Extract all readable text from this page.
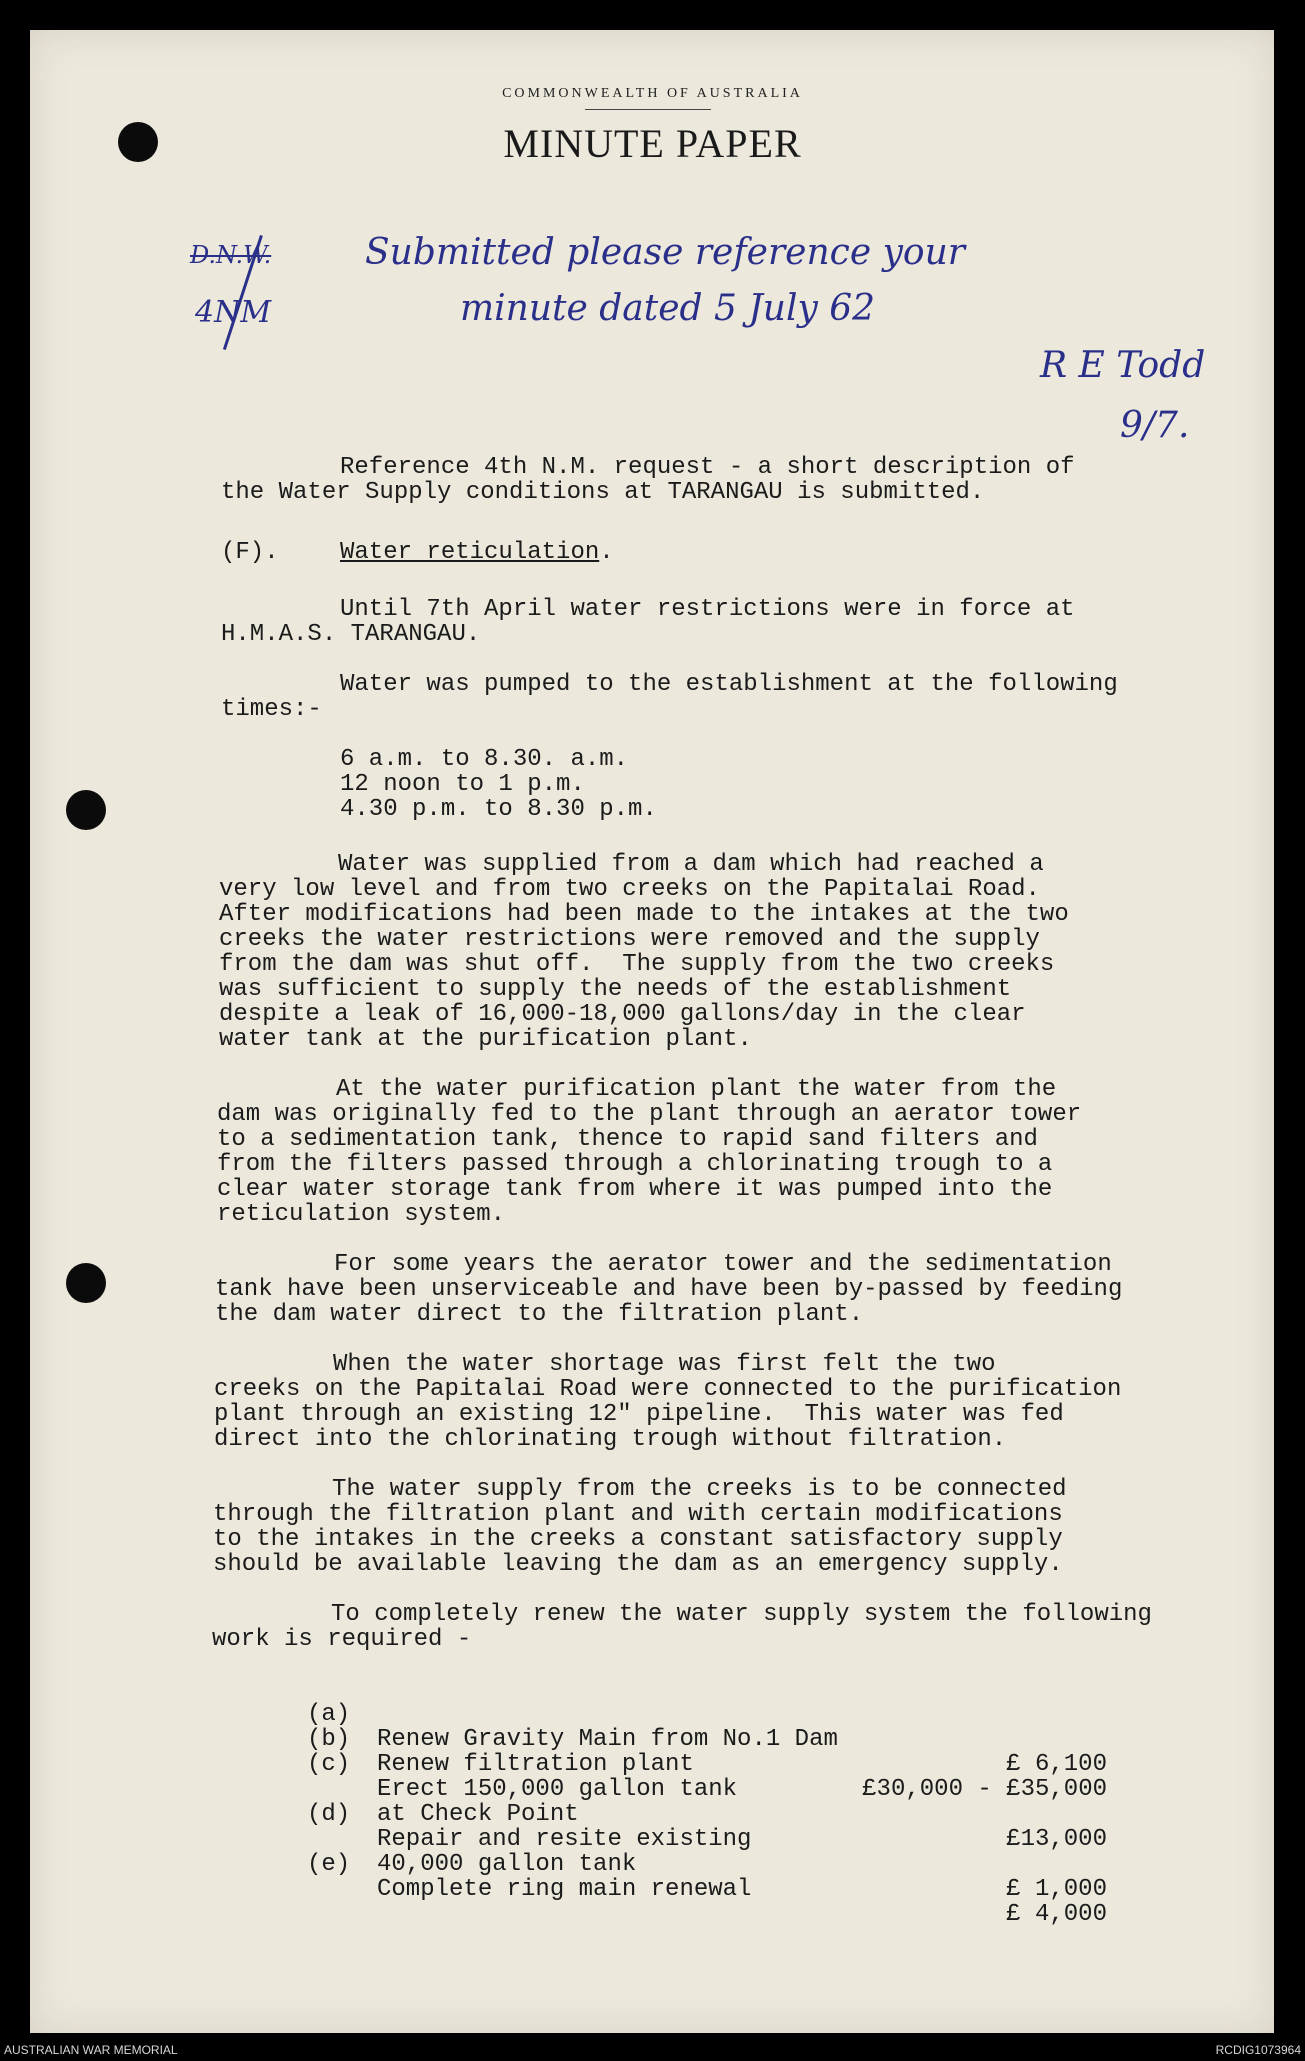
COMMONWEALTH OF AUSTRALIA
MINUTE PAPER
D.N.W.
4NM
Submitted please reference your
minute dated 5 July 62
R E Todd
9/7.
Reference 4th N.M. request - a short description of
the Water Supply conditions at TARANGAU is submitted.
(F).	Water reticulation.
Until 7th April water restrictions were in force at
H.M.A.S. TARANGAU.
Water was pumped to the establishment at the following
times:-
6 a.m. to 8.30. a.m.
12 noon to 1 p.m.
4.30 p.m. to 8.30 p.m.
Water was supplied from a dam which had reached a
very low level and from two creeks on the Papitalai Road.
After modifications had been made to the intakes at the two
creeks the water restrictions were removed and the supply
from the dam was shut off.  The supply from the two creeks
was sufficient to supply the needs of the establishment
despite a leak of 16,000-18,000 gallons/day in the clear
water tank at the purification plant.
At the water purification plant the water from the
dam was originally fed to the plant through an aerator tower
to a sedimentation tank, thence to rapid sand filters and
from the filters passed through a chlorinating trough to a
clear water storage tank from where it was pumped into the
reticulation system.
For some years the aerator tower and the sedimentation
tank have been unserviceable and have been by-passed by feeding
the dam water direct to the filtration plant.
When the water shortage was first felt the two
creeks on the Papitalai Road were connected to the purification
plant through an existing 12" pipeline.  This water was fed
direct into the chlorinating trough without filtration.
The water supply from the creeks is to be connected
through the filtration plant and with certain modifications
to the intakes in the creeks a constant satisfactory supply
should be available leaving the dam as an emergency supply.
To completely renew the water supply system the following
work is required -

(a)

Renew Gravity Main from No.1 Dam

£ 6,100

(b)

Renew filtration plant

£30,000 - £35,000

(c)

Erect 150,000 gallon tank

at Check Point

£13,000

(d)

Repair and resite existing

40,000 gallon tank

£ 1,000

(e)

Complete ring main renewal

£ 4,000

AUSTRALIAN WAR MEMORIAL	RCDIG1073964
